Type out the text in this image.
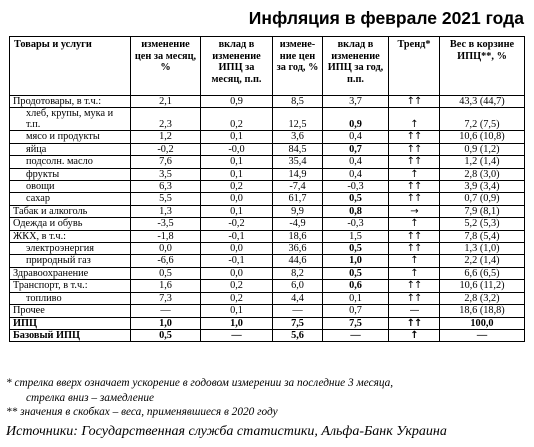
Инфляция в феврале 2021 года
Товары и услуги	изменение цен за месяц, %	вклад в изменение ИПЦ за месяц, п.п.	измене-ние цен за год, %	вклад в изменение ИПЦ за год, п.п.	Тренд*	Вес в корзине ИПЦ**, %
Продотовары, в т.ч.:	2,1	0,9	8,5	3,7	↑↑	43,3 (44,7)
хлеб, крупы, мука и т.п.	2,3	0,2	12,5	0,9	↑	7,2 (7,5)
мясо и продукты	1,2	0,1	3,6	0,4	↑↑	10,6 (10,8)
яйца	-0,2	-0,0	84,5	0,7	↑↑	0,9 (1,2)
подсолн. масло	7,6	0,1	35,4	0,4	↑↑	1,2 (1,4)
фрукты	3,5	0,1	14,9	0,4	↑	2,8 (3,0)
овощи	6,3	0,2	-7,4	-0,3	↑↑	3,9 (3,4)
сахар	5,5	0,0	61,7	0,5	↑↑	0,7 (0,9)
Табак и алкоголь	1,3	0,1	9,9	0,8	→	7,9 (8,1)
Одежда и обувь	-3,5	-0,2	-4,9	-0,3	↑	5,2 (5,3)
ЖКХ, в т.ч.:	-1,8	-0,1	18,6	1,5	↑↑	7,8 (5,4)
электроэнергия	0,0	0,0	36,6	0,5	↑↑	1,3 (1,0)
природный газ	-6,6	-0,1	44,6	1,0	↑	2,2 (1,4)
Здравоохранение	0,5	0,0	8,2	0,5	↑	6,6 (6,5)
Транспорт, в т.ч.:	1,6	0,2	6,0	0,6	↑↑	10,6 (11,2)
топливо	7,3	0,2	4,4	0,1	↑↑	2,8 (3,2)
Прочее	—	0,1	—	0,7	—	18,6 (18,8)
ИПЦ	1,0	1,0	7,5	7,5	↑↑	100,0
Базовый ИПЦ	0,5	—	5,6	—	↑	—
* стрелка вверх означает ускорение в годовом измерении за последние 3 месяца,
стрелка вниз – замедление
** значения в скобках – веса, применявшиеся в 2020 году
Источники: Государственная служба статистики, Альфа-Банк Украина
